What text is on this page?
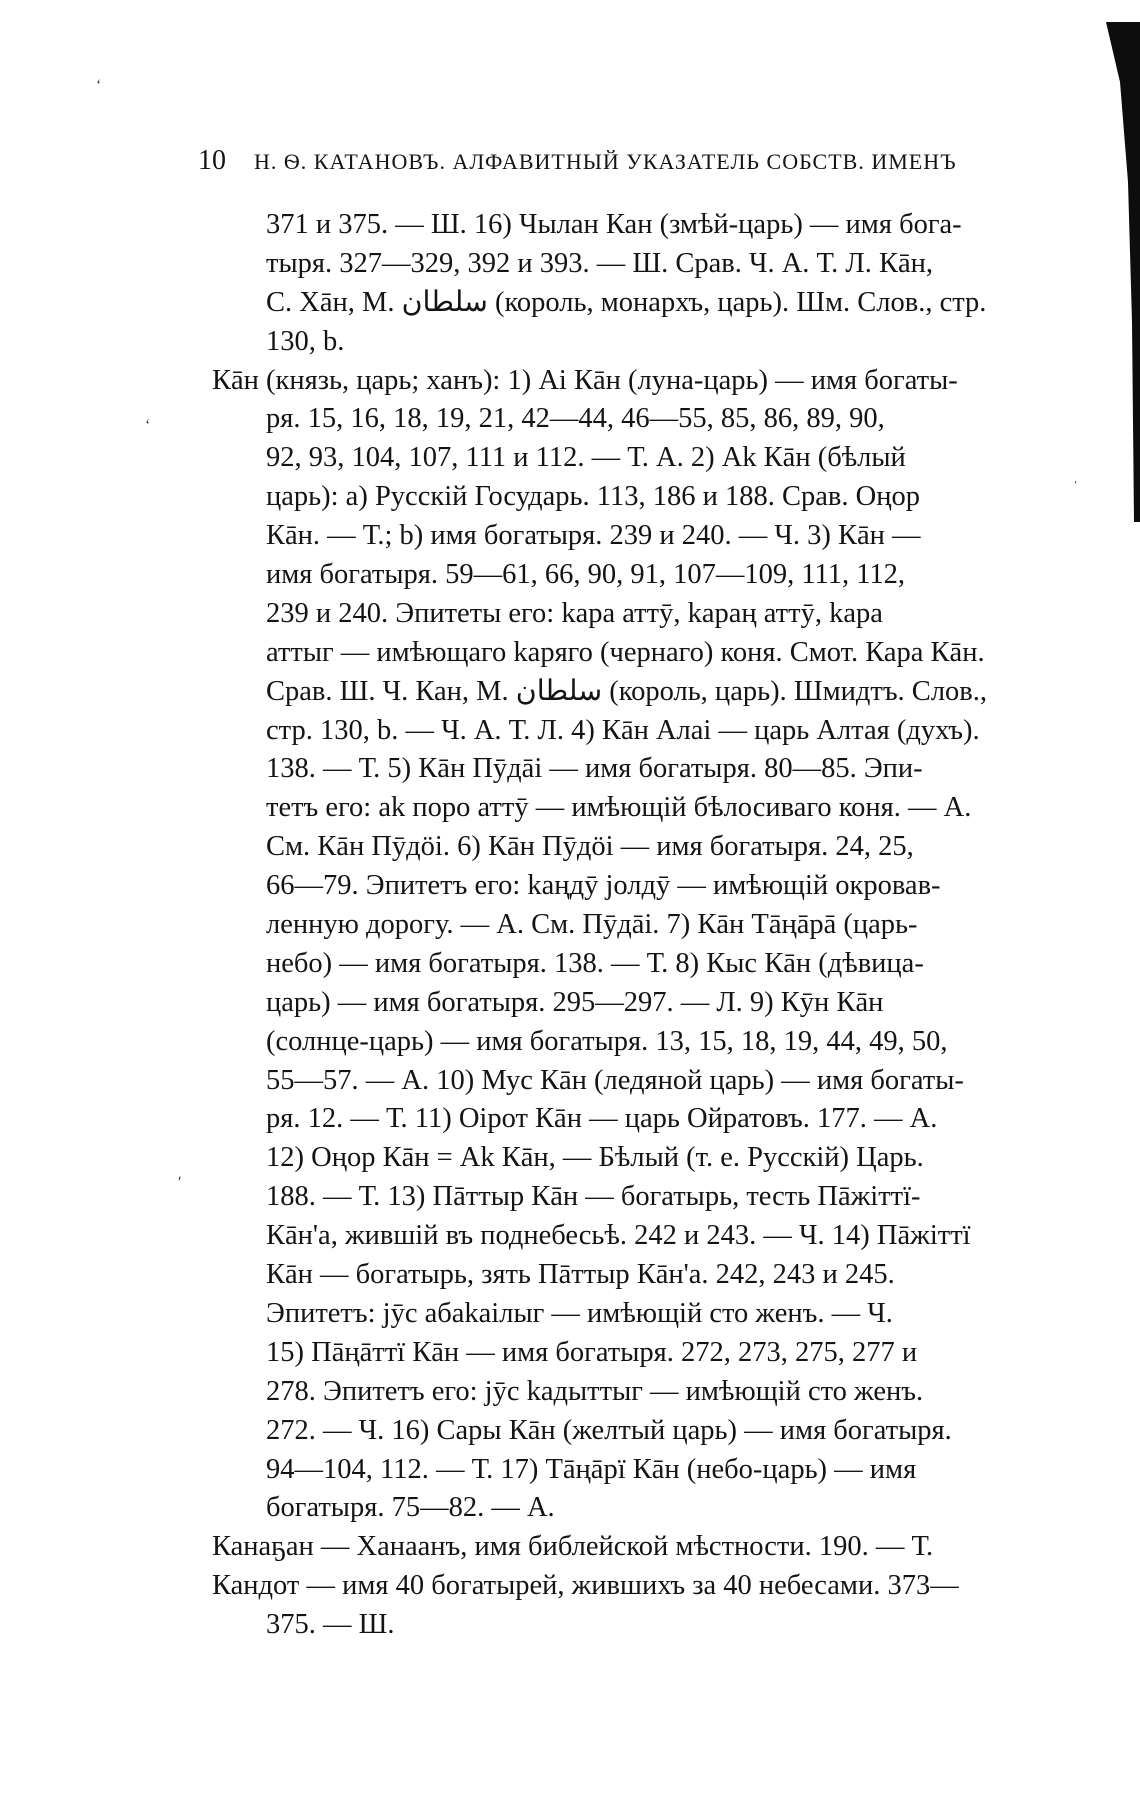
ʻ
ʻ
ʹ
ˈ
10 Н. Ѳ. КАТАНОВЪ. АЛФАВИТНЫЙ УКАЗАТЕЛЬ СОБСТВ. ИМЕНЪ
371 и 375. — Ш. 16) Чылан Кан (змѣй-царь) — имя бога-
тыря. 327—329, 392 и 393. — Ш. Срав. Ч. А. Т. Л. Кāн,
С. Хāн, М. ﺳﻠﻄﺎﻥ (король, монархъ, царь). Шм. Слов., стр.
130, b.
Кāн (князь, царь; ханъ): 1) Аі Кāн (луна-царь) — имя богаты-
ря. 15, 16, 18, 19, 21, 42—44, 46—55, 85, 86, 89, 90,
92, 93, 104, 107, 111 и 112. — Т. А. 2) Аk Кāн (бѣлый
царь): а) Русскій Государь. 113, 186 и 188. Срав. Оңор
Кāн. — Т.; b) имя богатыря. 239 и 240. — Ч. 3) Кāн —
имя богатыря. 59—61, 66, 90, 91, 107—109, 111, 112,
239 и 240. Эпитеты его: kара аттӯ, kараң аттӯ, kара
аттыг — имѣющаго kаряго (чернаго) коня. Смот. Кара Кāн.
Срав. Ш. Ч. Кан, М. ﺳﻠﻄﺎﻥ (король, царь). Шмидтъ. Слов.,
стр. 130, b. — Ч. А. Т. Л. 4) Кāн Алаі — царь Алтая (духъ).
138. — Т. 5) Кāн Пӯдāі — имя богатыря. 80—85. Эпи-
тетъ его: аk поро аттӯ — имѣющій бѣлосиваго коня. — А.
См. Кāн Пӯдӧі. 6) Кāн Пӯдӧі — имя богатыря. 24, 25,
66—79. Эпитетъ его: kаңдӯ јолдӯ — имѣющій окровав-
ленную дорогу. — А. См. Пӯдāі. 7) Кāн Тāңāрā (царь-
небо) — имя богатыря. 138. — Т. 8) Кыс Кāн (дѣвица-
царь) — имя богатыря. 295—297. — Л. 9) Кӯн Кāн
(солнце-царь) — имя богатыря. 13, 15, 18, 19, 44, 49, 50,
55—57. — А. 10) Мус Кāн (ледяной царь) — имя богаты-
ря. 12. — Т. 11) Оірот Кāн — царь Ойратовъ. 177. — А.
12) Оңор Кāн = Аk Кāн, — Бѣлый (т. е. Русскій) Царь.
188. — Т. 13) Пāттыр Кāн — богатырь, тесть Пāжіттї-
Кāн'а, жившій въ поднебесьѣ. 242 и 243. — Ч. 14) Пāжіттї
Кāн — богатырь, зять Пāттыр Кāн'а. 242, 243 и 245.
Эпитетъ: јӯс абаkаілыг — имѣющій сто женъ. — Ч.
15) Пāңāттї Кāн — имя богатыря. 272, 273, 275, 277 и
278. Эпитетъ его: јӯс kадыттыг — имѣющій сто женъ.
272. — Ч. 16) Сары Кāн (желтый царь) — имя богатыря.
94—104, 112. — Т. 17) Тāңāрї Кāн (небо-царь) — имя
богатыря. 75—82. — А.
Канаҕан — Ханаанъ, имя библейской мѣстности. 190. — Т.
Кандот — имя 40 богатырей, жившихъ за 40 небесами. 373—
375. — Ш.
